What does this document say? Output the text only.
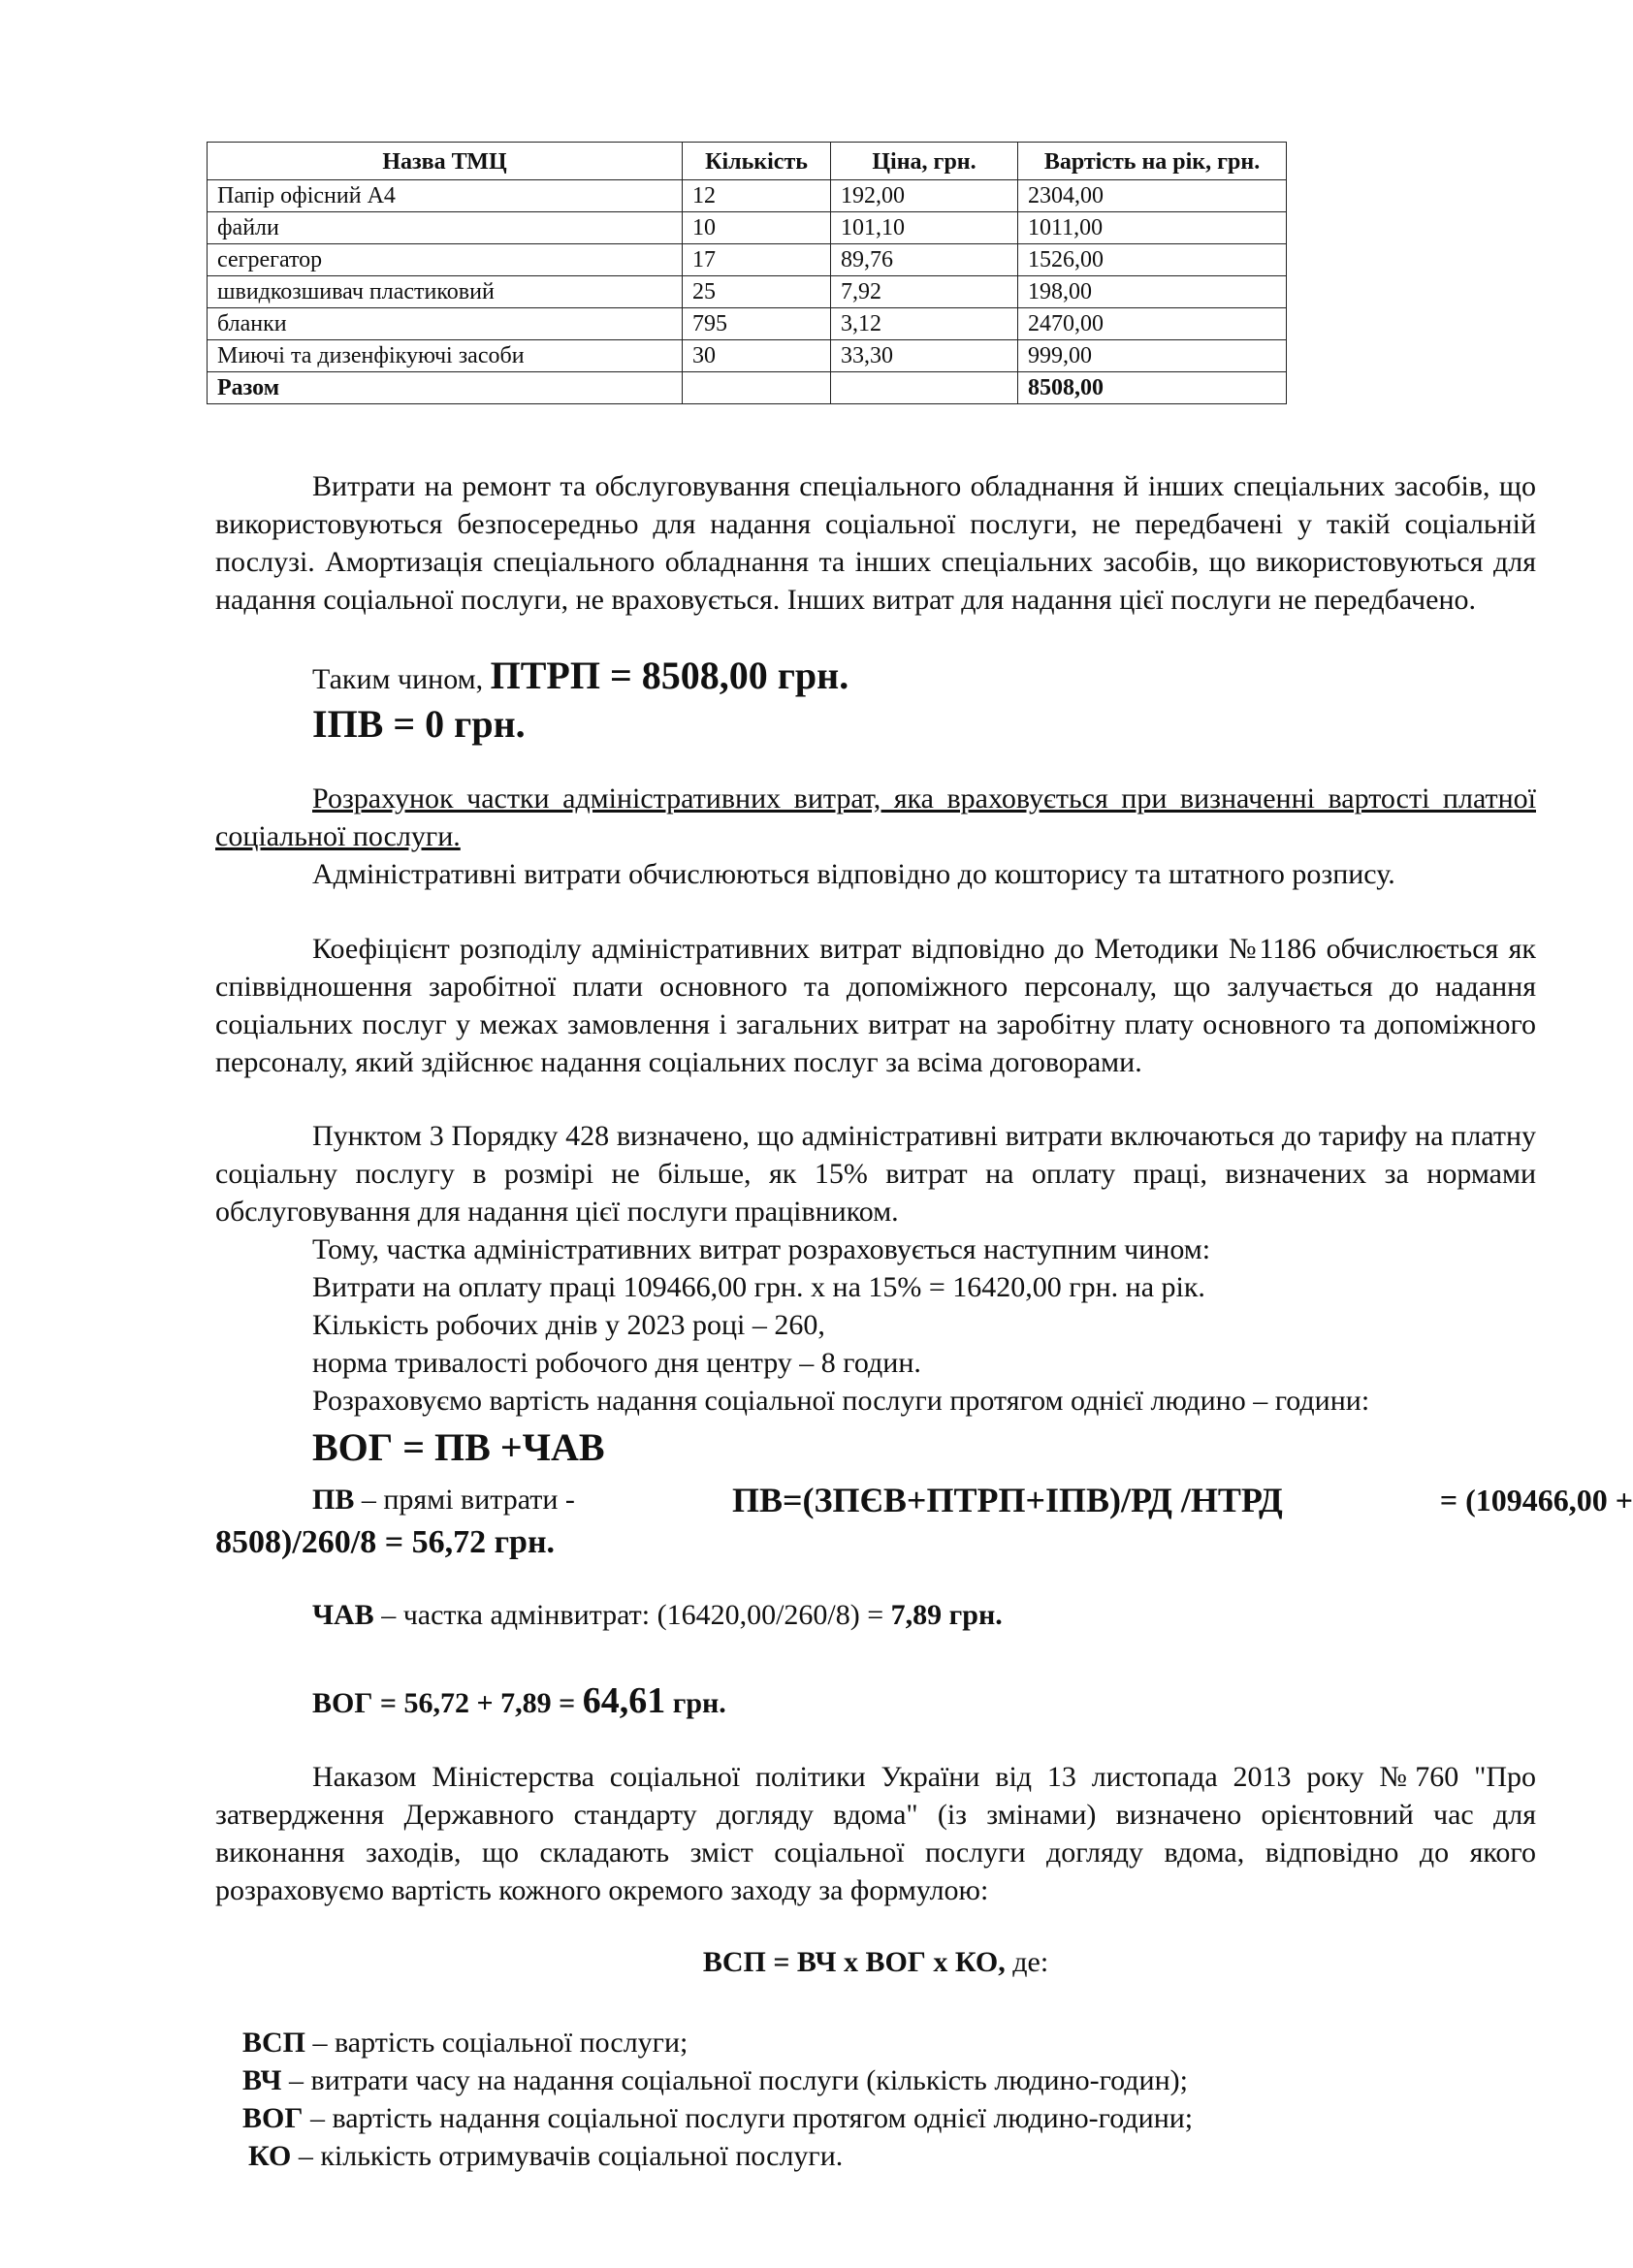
Назва ТМЦ	Кількість	Ціна, грн.	Вартість на рік, грн.
Папір офісний А4	12	192,00	2304,00
файли	10	101,10	1011,00
сегрегатор	17	89,76	1526,00
швидкозшивач пластиковий	25	7,92	198,00
бланки	795	3,12	2470,00
Миючі та дизенфікуючі засоби	30	33,30	999,00
Разом			8508,00
Витрати на ремонт та обслуговування спеціального обладнання й інших спеціальних засобів, що використовуються безпосередньо для надання соціальної послуги, не передбачені у такій соціальній послузі. Амортизація спеціального обладнання та інших спеціальних засобів, що використовуються для надання соціальної послуги, не враховується. Інших витрат для надання цієї послуги не передбачено.
Таким чином, ПТРП = 8508,00 грн.
ІПВ = 0 грн.
Розрахунок частки адміністративних витрат, яка враховується при визначенні вартості платної соціальної послуги.
Адміністративні витрати обчислюються відповідно до кошторису та штатного розпису.
Коефіцієнт розподілу адміністративних витрат відповідно до Методики №1186 обчислюється як співвідношення заробітної плати основного та допоміжного персоналу, що залучається до надання соціальних послуг у межах замовлення і загальних витрат на заробітну плату основного та допоміжного персоналу, який здійснює надання соціальних послуг за всіма договорами.
Пунктом 3 Порядку 428 визначено, що адміністративні витрати включаються до тарифу на платну соціальну послугу в розмірі не більше, як 15% витрат на оплату праці, визначених за нормами обслуговування для надання цієї послуги працівником.
Тому, частка адміністративних витрат розраховується наступним чином:
Витрати на оплату праці 109466,00 грн. х на 15% = 16420,00 грн. на рік.
Кількість робочих днів у 2023 році – 260,
норма тривалості робочого дня центру – 8 годин.
Розраховуємо вартість надання соціальної послуги протягом однієї людино – години:
ВОГ = ПВ +ЧАВ
ПВ – прямі витрати -	ПВ=(ЗПЄВ+ПТРП+ІПВ)/РД /НТРД	= (109466,00 +
8508)/260/8 = 56,72 грн.
ЧАВ – частка адмінвитрат: (16420,00/260/8) = 7,89 грн.
ВОГ = 56,72 + 7,89 = 64,61 грн.
Наказом Міністерства соціальної політики України від 13 листопада 2013 року №760 "Про затвердження Державного стандарту догляду вдома" (із змінами) визначено орієнтовний час для виконання заходів, що складають зміст соціальної послуги догляду вдома, відповідно до якого розраховуємо вартість кожного окремого заходу за формулою:
ВСП = ВЧ х ВОГ х КО, де:
ВСП – вартість соціальної послуги;
ВЧ – витрати часу на надання соціальної послуги (кількість людино-годин);
ВОГ – вартість надання соціальної послуги протягом однієї людино-години;
КО – кількість отримувачів соціальної послуги.
